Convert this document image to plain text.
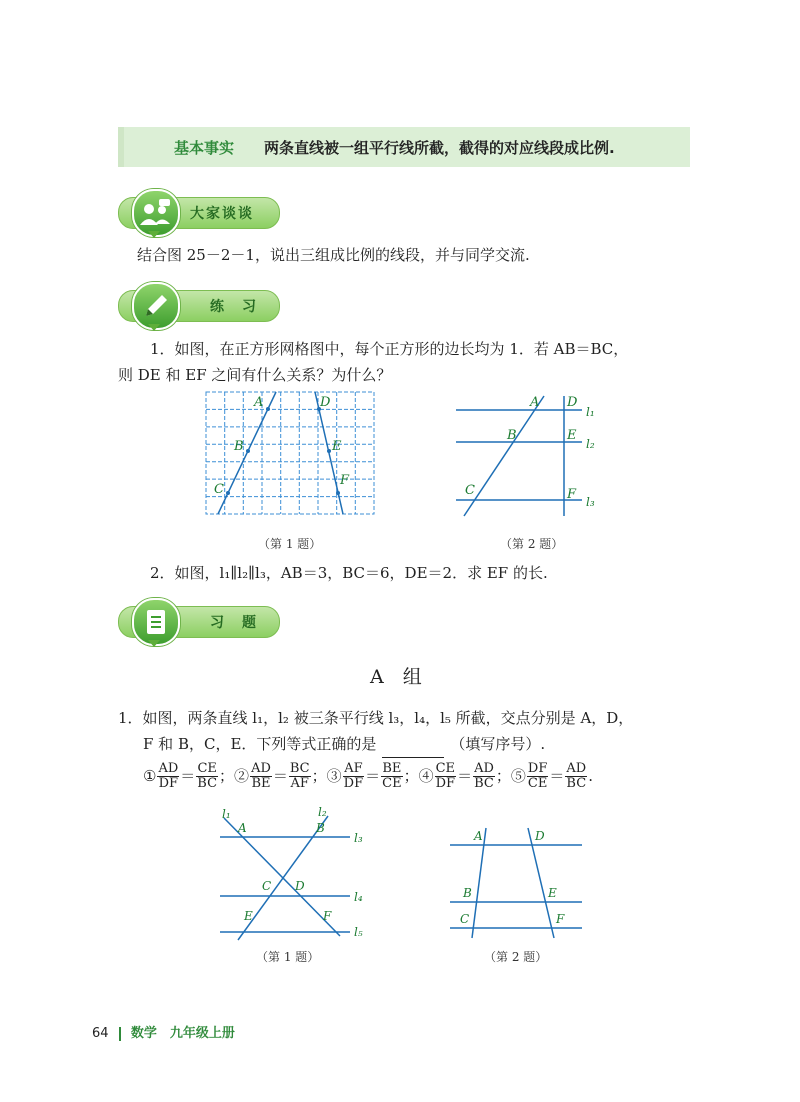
基本事实 两条直线被一组平行线所截，截得的对应线段成比例.
大家谈谈
结合图 25－2－1，说出三组成比例的线段，并与同学交流.
练　习
1．如图，在正方形网格图中，每个正方形的边长均为 1．若 AB＝BC，
则 DE 和 EF 之间有什么关系？为什么？
A
B
C
D
E
F
（第 1 题）
A
B
C
D
E
F
l₁
l₂
l₃
（第 2 题）
2．如图，l₁∥l₂∥l₃，AB＝3，BC＝6，DE＝2．求 EF 的长.
习　题
A　组
1．如图，两条直线 l₁，l₂ 被三条平行线 l₃，l₄，l₅ 所截，交点分别是 A，D，
F 和 B，C，E．下列等式正确的是	（填写序号）.
① $\frac{AD}{DF} = \frac{CE}{BC}$ ；② $\frac{AD}{BE} = \frac{BC}{AF}$ ；③ $\frac{AF}{DF} = \frac{BE}{CE}$ ；④ $\frac{CE}{DF} = \frac{AD}{BC}$ ；⑤ $\frac{DF}{CE} = \frac{AD}{BC}$ .
A	B
C D
E	F
l₁	l₂
l₃
l₄
l₅
（第 1 题）
A
B
C
D
E
F
（第 2 题）
64 数学　九年级上册
